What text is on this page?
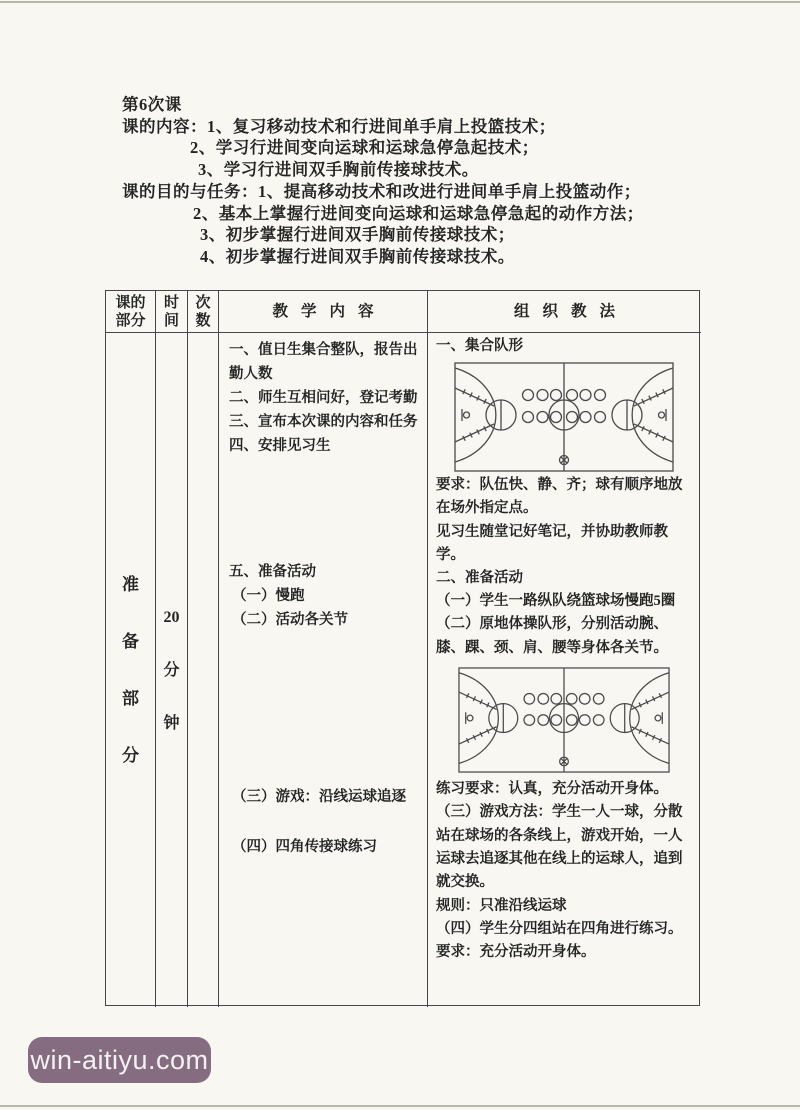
第6次课
课的内容：1、复习移动技术和行进间单手肩上投篮技术；
2、学习行进间变向运球和运球急停急起技术；
3、学习行进间双手胸前传接球技术。
课的目的与任务：1、提高移动技术和改进行进间单手肩上投篮动作；
2、基本上掌握行进间变向运球和运球急停急起的动作方法；
3、初步掌握行进间双手胸前传接球技术；
4、初步掌握行进间双手胸前传接球技术。
课的
部分
时
间
次
数
教学内容	组织教法
准备部分
20分钟
一、值日生集合整队，报告出勤人数
二、师生互相问好，登记考勤
三、宣布本次课的内容和任务
四、安排见习生
五、准备活动
（一）慢跑
（二）活动各关节
（三）游戏：沿线运球追逐
（四）四角传接球练习

一、集合队形

要求：队伍快、静、齐；球有顺序地放在场外指定点。

见习生随堂记好笔记，并协助教师教学。

二、准备活动

（一）学生一路纵队绕篮球场慢跑5圈

（二）原地体操队形，分别活动腕、膝、踝、颈、肩、腰等身体各关节。

练习要求：认真，充分活动开身体。

（三）游戏方法：学生一人一球，分散站在球场的各条线上，游戏开始，一人运球去追逐其他在线上的运球人，追到就交换。

规则：只准沿线运球

（四）学生分四组站在四角进行练习。

要求：充分活动开身体。

win-aitiyu.com
